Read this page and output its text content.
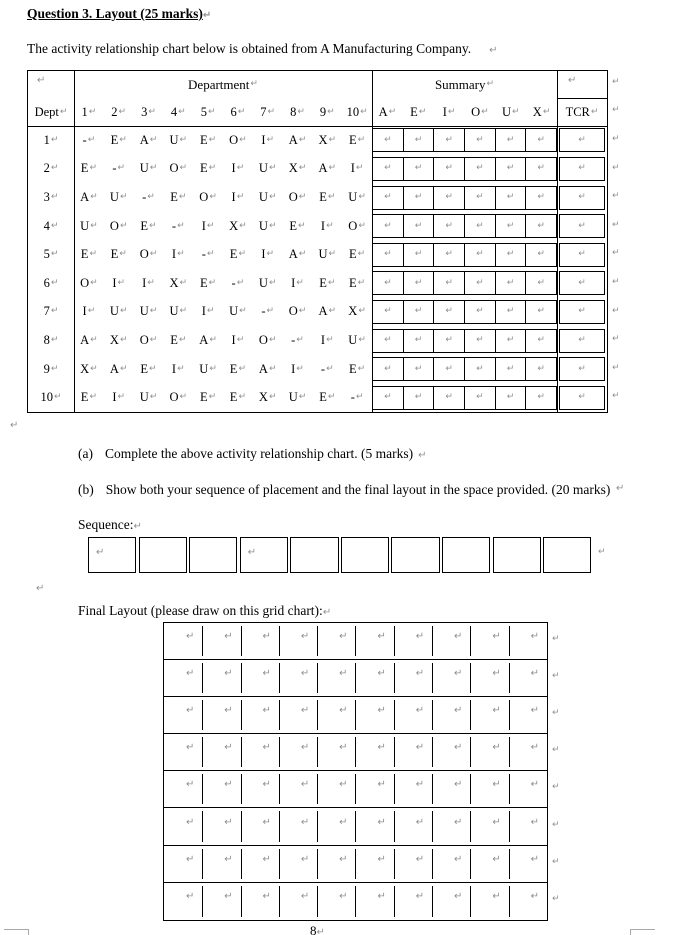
Question 3. Layout (25 marks)↵
The activity relationship chart below is obtained from A Manufacturing Company. ↵
↵	Department ↵	Summary ↵	↵
Dept ↵ 1 ↵ 2 ↵ 3 ↵ 4 ↵ 5 ↵ 6 ↵ 7 ↵ 8 ↵ 9 ↵ 10 ↵ A ↵ E ↵ I ↵ O ↵ U ↵ X ↵ TCR ↵
1 ↵ - ↵ E ↵ A ↵ U ↵ E ↵ O ↵ I ↵ A ↵ X ↵ E ↵ ↵	↵	↵	↵	↵	↵	↵
2 ↵ E ↵ - ↵ U ↵ O ↵ E ↵ I ↵ U ↵ X ↵ A ↵ I ↵ ↵	↵	↵	↵	↵	↵	↵
3 ↵ A ↵ U ↵ - ↵ E ↵ O ↵ I ↵ U ↵ O ↵ E ↵ U ↵ ↵	↵	↵	↵	↵	↵	↵
4 ↵ U ↵ O ↵ E ↵ - ↵ I ↵ X ↵ U ↵ E ↵ I ↵ O ↵ ↵	↵	↵	↵	↵	↵	↵
5 ↵ E ↵ E ↵ O ↵ I ↵ - ↵ E ↵ I ↵ A ↵ U ↵ E ↵ ↵	↵	↵	↵	↵	↵	↵
6 ↵ O ↵ I ↵ I ↵ X ↵ E ↵ - ↵ U ↵ I ↵ E ↵ E ↵ ↵	↵	↵	↵	↵	↵	↵
7 ↵ I ↵ U ↵ U ↵ U ↵ I ↵ U ↵ - ↵ O ↵ A ↵ X ↵ ↵	↵	↵	↵	↵	↵	↵
8 ↵ A ↵ X ↵ O ↵ E ↵ A ↵ I ↵ O ↵ - ↵ I ↵ U ↵ ↵	↵	↵	↵	↵	↵	↵
9 ↵ X ↵ A ↵ E ↵ I ↵ U ↵ E ↵ A ↵ I ↵ - ↵ E ↵ ↵	↵	↵	↵	↵	↵	↵
10 ↵ E ↵ I ↵ U ↵ O ↵ E ↵ E ↵ X ↵ U ↵ E ↵ - ↵ ↵	↵	↵	↵	↵	↵	↵
↵
(a) Complete the above activity relationship chart. (5 marks) ↵
(b) Show both your sequence of placement and the final layout in the space provided. (20 marks) ↵
Sequence:↵
↵	↵	↵
↵
Final Layout (please draw on this grid chart):↵
↵	↵	↵	↵	↵	↵	↵	↵	↵	↵
↵	↵	↵	↵	↵	↵	↵	↵	↵	↵
↵	↵	↵	↵	↵	↵	↵	↵	↵	↵
↵	↵	↵	↵	↵	↵	↵	↵	↵	↵
↵	↵	↵	↵	↵	↵	↵	↵	↵	↵
↵	↵	↵	↵	↵	↵	↵	↵	↵	↵
↵	↵	↵	↵	↵	↵	↵	↵	↵	↵
↵	↵	↵	↵	↵	↵	↵	↵	↵	↵
8↵
↵
↵
↵
↵
↵
↵
↵
↵
↵
↵
↵
↵
↵
↵
↵
↵
↵
↵
↵
↵
